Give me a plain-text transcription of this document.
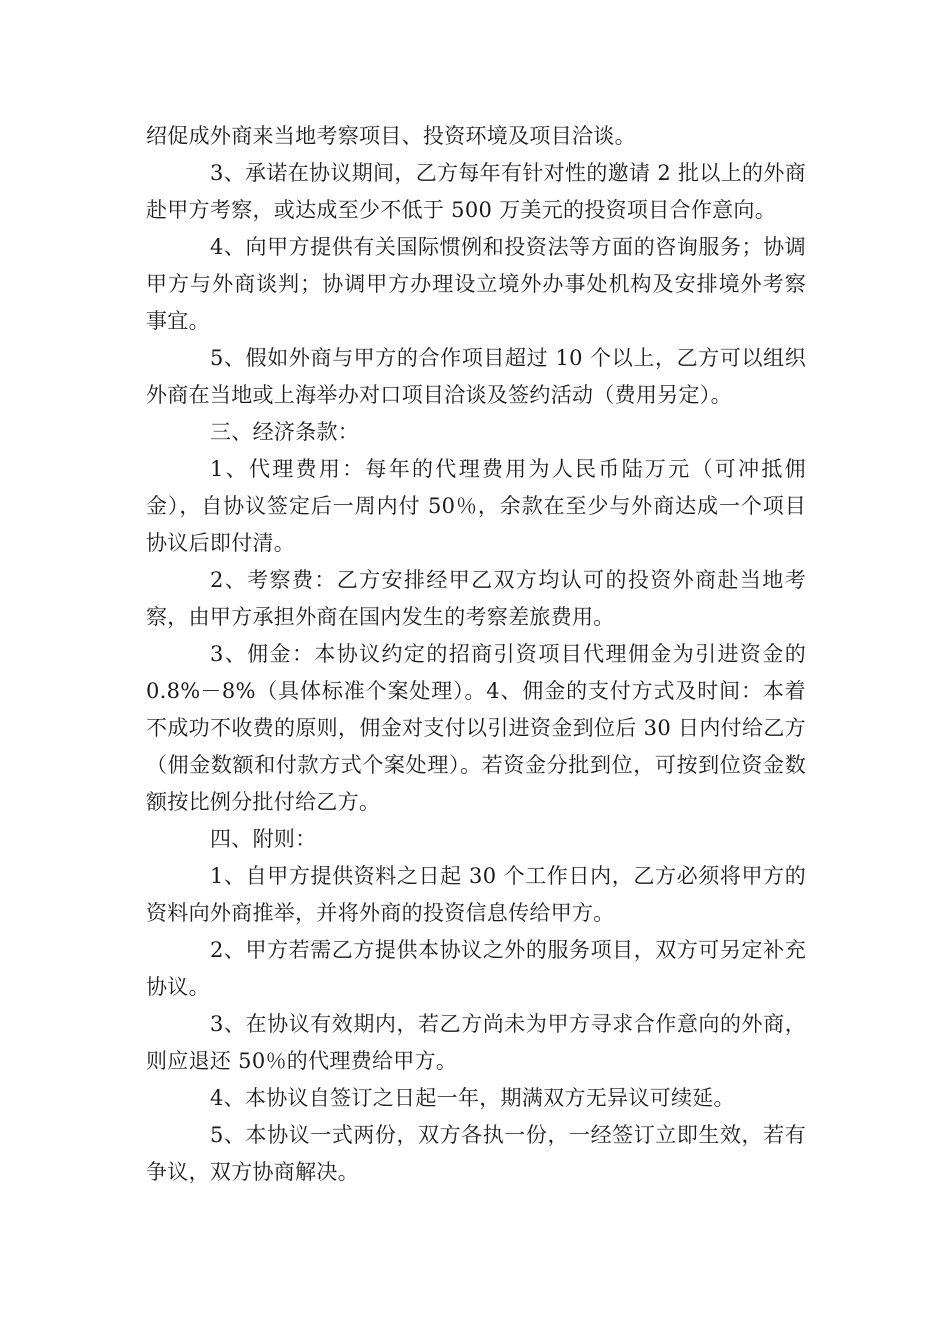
绍促成外商来当地考察项目、投资环境及项目洽谈。

3、承诺在协议期间，乙方每年有针对性的邀请 2 批以上的外商赴甲方考察，或达成至少不低于 500 万美元的投资项目合作意向。

4、向甲方提供有关国际惯例和投资法等方面的咨询服务；协调甲方与外商谈判；协调甲方办理设立境外办事处机构及安排境外考察事宜。

5、假如外商与甲方的合作项目超过 10 个以上，乙方可以组织外商在当地或上海举办对口项目洽谈及签约活动（费用另定）。

三、经济条款：

1、代理费用：每年的代理费用为人民币陆万元（可冲抵佣金），自协议签定后一周内付 50％，余款在至少与外商达成一个项目协议后即付清。

2、考察费：乙方安排经甲乙双方均认可的投资外商赴当地考察，由甲方承担外商在国内发生的考察差旅费用。

3、佣金：本协议约定的招商引资项目代理佣金为引进资金的 0.8%－8%（具体标准个案处理）。4、佣金的支付方式及时间：本着不成功不收费的原则，佣金对支付以引进资金到位后 30 日内付给乙方（佣金数额和付款方式个案处理）。若资金分批到位，可按到位资金数额按比例分批付给乙方。

四、附则：

1、自甲方提供资料之日起 30 个工作日内，乙方必须将甲方的资料向外商推举，并将外商的投资信息传给甲方。

2、甲方若需乙方提供本协议之外的服务项目，双方可另定补充协议。

3、在协议有效期内，若乙方尚未为甲方寻求合作意向的外商，则应退还 50％的代理费给甲方。

4、本协议自签订之日起一年，期满双方无异议可续延。

5、本协议一式两份，双方各执一份，一经签订立即生效，若有争议，双方协商解决。
